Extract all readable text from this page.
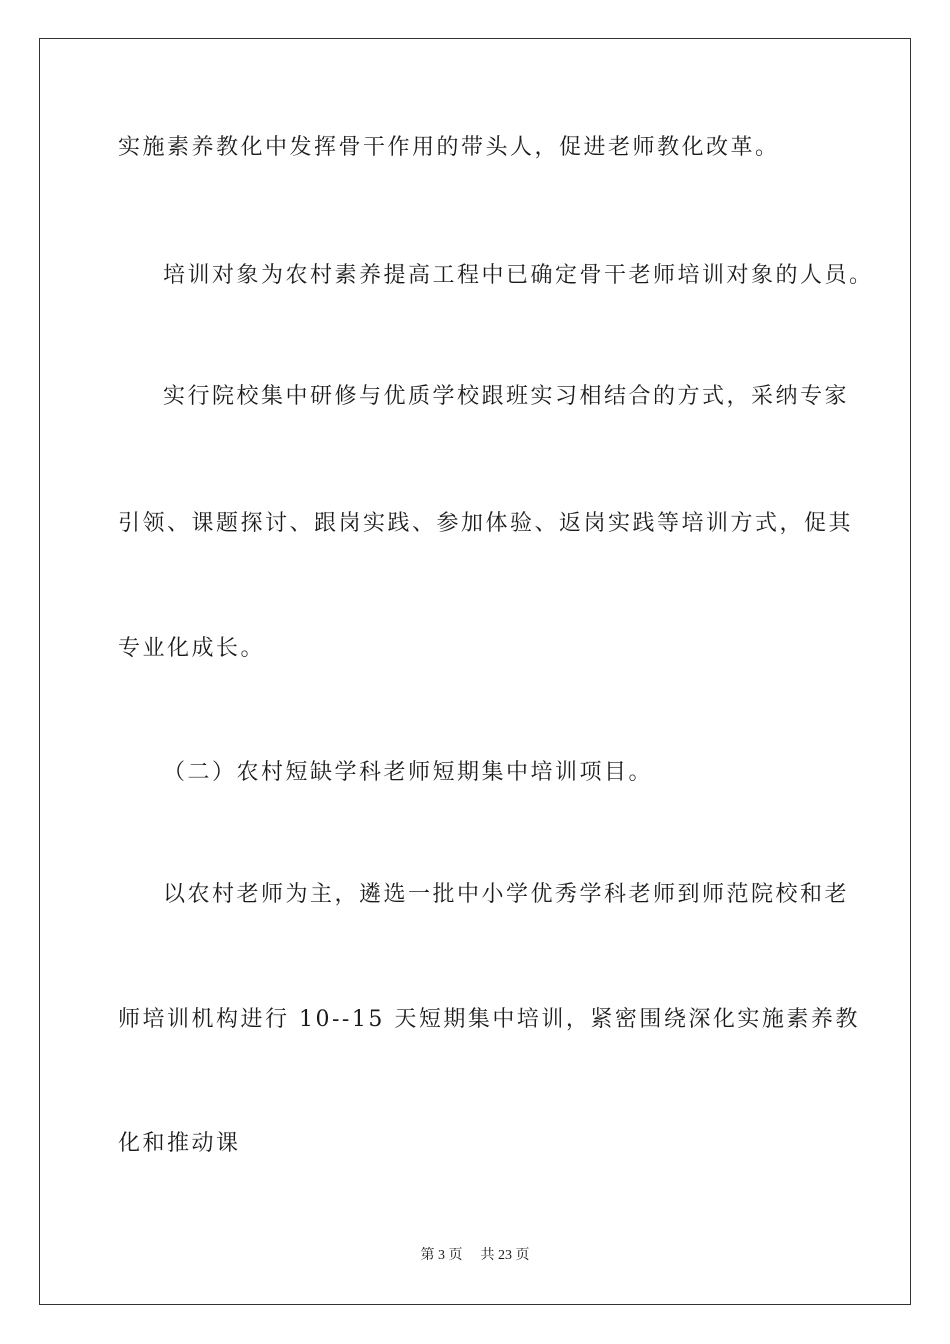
实施素养教化中发挥骨干作用的带头人，促进老师教化改革。
培训对象为农村素养提高工程中已确定骨干老师培训对象的人员。
实行院校集中研修与优质学校跟班实习相结合的方式，采纳专家
引领、课题探讨、跟岗实践、参加体验、返岗实践等培训方式，促其
专业化成长。
（二）农村短缺学科老师短期集中培训项目。
以农村老师为主，遴选一批中小学优秀学科老师到师范院校和老
师培训机构进行 10--15 天短期集中培训，紧密围绕深化实施素养教
化和推动课
第 3 页 共 23 页
